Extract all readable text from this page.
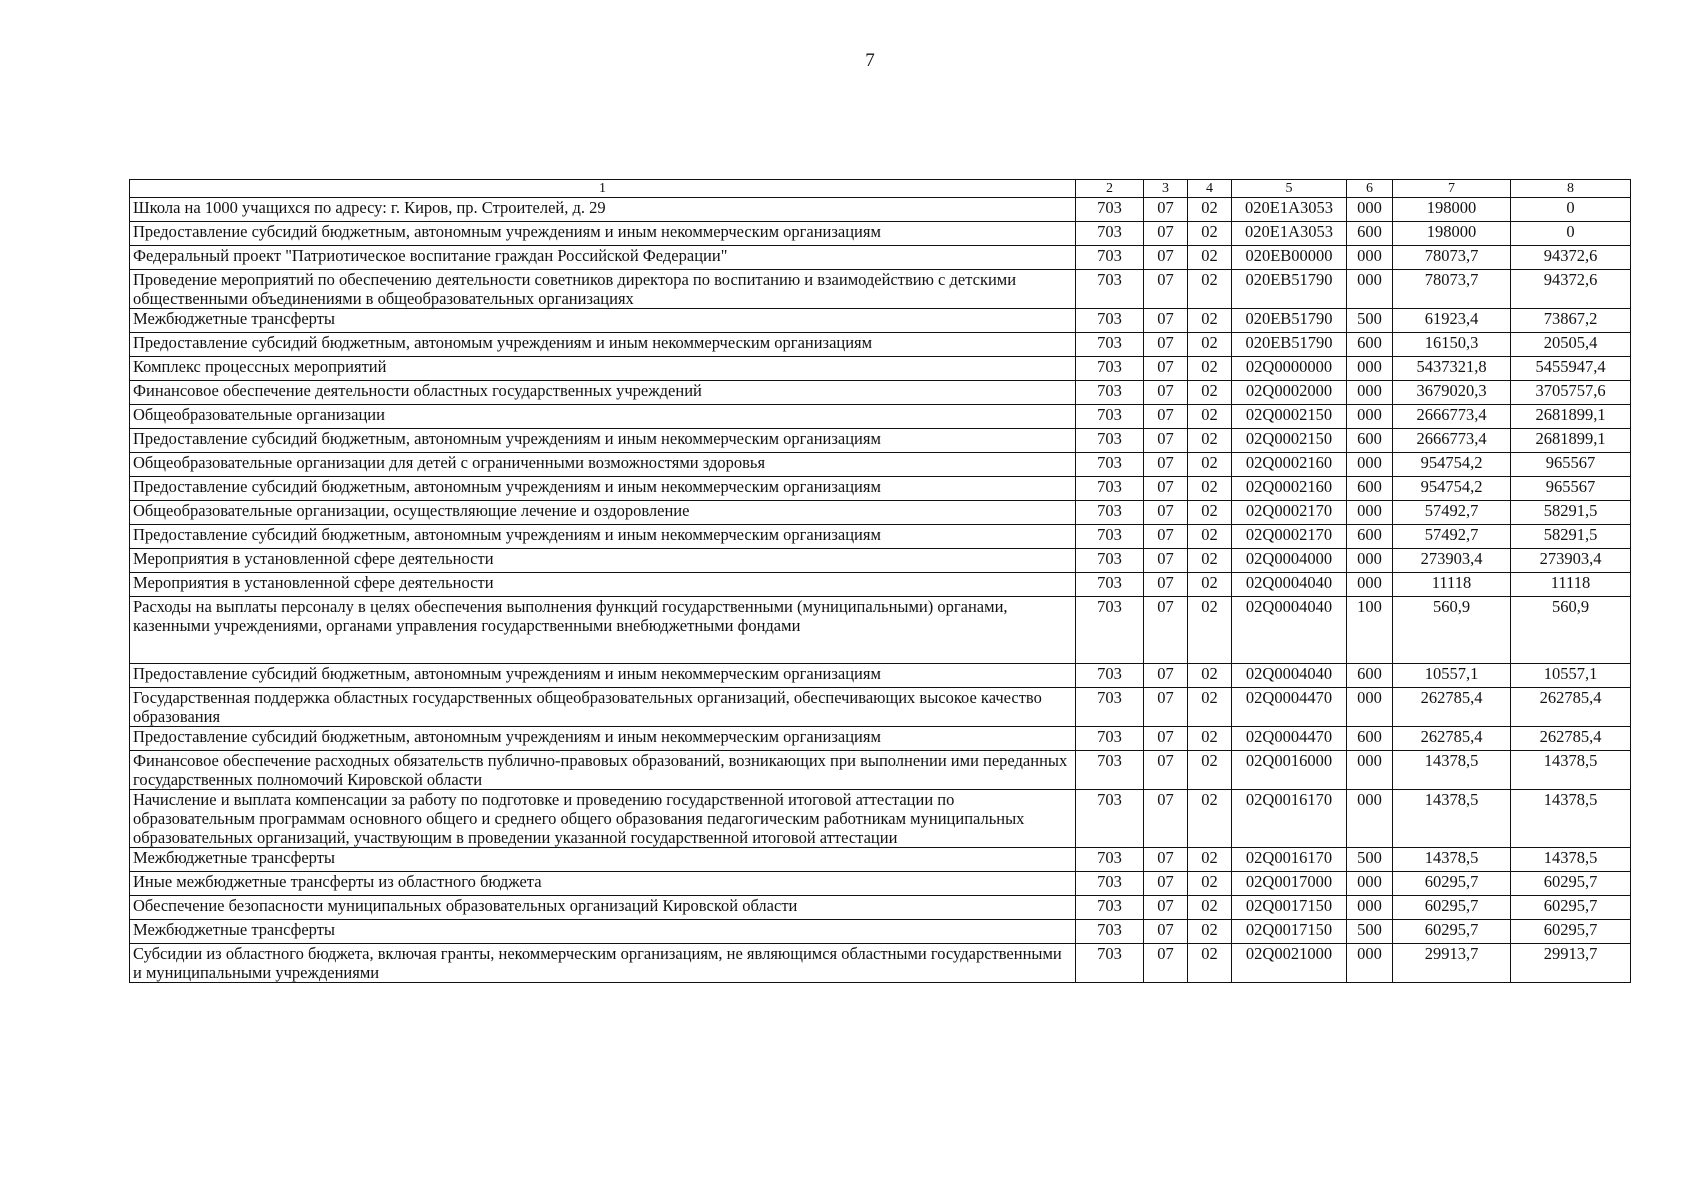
7
1	2	3	4	5	6	7	8
Школа на 1000 учащихся по адресу: г. Киров, пр. Строителей, д. 29	703	07	02	020E1A3053	000	198000	0
Предоставление субсидий бюджетным, автономным учреждениям и иным некоммерческим организациям	703	07	02	020E1A3053	600	198000	0
Федеральный проект "Патриотическое воспитание граждан Российской Федерации"	703	07	02	020EB00000	000	78073,7	94372,6
Проведение мероприятий по обеспечению деятельности советников директора по воспитанию и взаимодействию с детскими общественными объединениями в общеобразовательных организациях	703	07	02	020EB51790	000	78073,7	94372,6
Межбюджетные трансферты	703	07	02	020EB51790	500	61923,4	73867,2
Предоставление субсидий бюджетным, автономым учреждениям и иным некоммерческим организациям	703	07	02	020EB51790	600	16150,3	20505,4
Комплекс процессных мероприятий	703	07	02	02Q0000000	000	5437321,8	5455947,4
Финансовое обеспечение деятельности областных государственных учреждений	703	07	02	02Q0002000	000	3679020,3	3705757,6
Общеобразовательные организации	703	07	02	02Q0002150	000	2666773,4	2681899,1
Предоставление субсидий бюджетным, автономным учреждениям и иным некоммерческим организациям	703	07	02	02Q0002150	600	2666773,4	2681899,1
Общеобразовательные организации для детей с ограниченными возможностями здоровья	703	07	02	02Q0002160	000	954754,2	965567
Предоставление субсидий бюджетным, автономным учреждениям и иным некоммерческим организациям	703	07	02	02Q0002160	600	954754,2	965567
Общеобразовательные организации, осуществляющие лечение и оздоровление	703	07	02	02Q0002170	000	57492,7	58291,5
Предоставление субсидий бюджетным, автономным учреждениям и иным некоммерческим организациям	703	07	02	02Q0002170	600	57492,7	58291,5
Мероприятия в установленной сфере деятельности	703	07	02	02Q0004000	000	273903,4	273903,4
Мероприятия в установленной сфере деятельности	703	07	02	02Q0004040	000	11118	11118
Расходы на выплаты персоналу в целях обеспечения выполнения функций государственными (муниципальными) органами, казенными учреждениями, органами управления государственными внебюджетными фондами	703	07	02	02Q0004040	100	560,9	560,9
Предоставление субсидий бюджетным, автономным учреждениям и иным некоммерческим организациям	703	07	02	02Q0004040	600	10557,1	10557,1
Государственная поддержка областных государственных общеобразовательных организаций, обеспечивающих высокое качество образования	703	07	02	02Q0004470	000	262785,4	262785,4
Предоставление субсидий бюджетным, автономным учреждениям и иным некоммерческим организациям	703	07	02	02Q0004470	600	262785,4	262785,4
Финансовое обеспечение расходных обязательств публично-правовых образований, возникающих при выполнении ими переданных государственных полномочий Кировской области	703	07	02	02Q0016000	000	14378,5	14378,5
Начисление и выплата компенсации за работу по подготовке и проведению государственной итоговой аттестации по образовательным программам основного общего и среднего общего образования педагогическим работникам муниципальных образовательных организаций, участвующим в проведении указанной государственной итоговой аттестации	703	07	02	02Q0016170	000	14378,5	14378,5
Межбюджетные трансферты	703	07	02	02Q0016170	500	14378,5	14378,5
Иные межбюджетные трансферты из областного бюджета	703	07	02	02Q0017000	000	60295,7	60295,7
Обеспечение безопасности муниципальных образовательных организаций Кировской области	703	07	02	02Q0017150	000	60295,7	60295,7
Межбюджетные трансферты	703	07	02	02Q0017150	500	60295,7	60295,7
Субсидии из областного бюджета, включая гранты, некоммерческим организациям, не являющимся областными государственными и муниципальными учреждениями	703	07	02	02Q0021000	000	29913,7	29913,7
